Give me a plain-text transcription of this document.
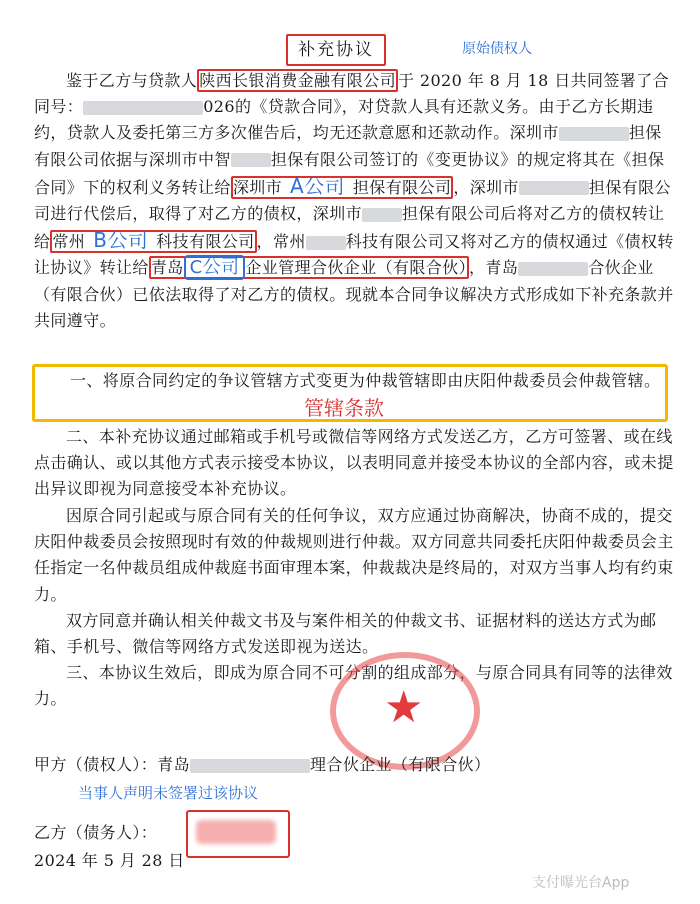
补充协议	原始债权人

鉴于乙方与贷款人 陕西长银消费金融有限公司 于 2020 年 8 月 18 日共同签署了合同号：	026的《贷款合同》，对贷款人具有还款义务。由于乙方长期违约，贷款人及委托第三方多次催告后，均无还款意愿和还款动作。深圳市	担保有限公司依据与深圳市中智	担保有限公司签订的《变更协议》的规定将其在《担保合同》下的权利义务转让给 深圳市 A公司 担保有限公司 ，深圳市	担保有限公司进行代偿后，取得了对乙方的债权，深圳市	担保有限公司后将对乙方的债权转让给 常州 B公司 科技有限公司 ，常州	科技有限公司又将对乙方的债权通过《债权转让协议》转让给 青岛 C公司 企业管理合伙企业（有限合伙） ，青岛	合伙企业（有限合伙）已依法取得了对乙方的债权。现就本合同争议解决方式形成如下补充条款并共同遵守。

一、将原合同约定的争议管辖方式变更为仲裁管辖即由庆阳仲裁委员会仲裁管辖。

管辖条款

二、本补充协议通过邮箱或手机号或微信等网络方式发送乙方，乙方可签署、或在线点击确认、或以其他方式表示接受本协议，以表明同意并接受本协议的全部内容，或未提出异议即视为同意接受本补充协议。

因原合同引起或与原合同有关的任何争议，双方应通过协商解决，协商不成的，提交庆阳仲裁委员会按照现时有效的仲裁规则进行仲裁。双方同意共同委托庆阳仲裁委员会主任指定一名仲裁员组成仲裁庭书面审理本案，仲裁裁决是终局的，对双方当事人均有约束力。

双方同意并确认相关仲裁文书及与案件相关的仲裁文书、证据材料的送达方式为邮箱、手机号、微信等网络方式发送即视为送达。

三、本协议生效后，即成为原合同不可分割的组成部分，与原合同具有同等的法律效力。	★
甲方（债权人）：青岛	理合伙企业（有限合伙）
当事人声明未签署过该协议
乙方（债务人）：
2024 年 5 月 28 日
支付曝光台App
